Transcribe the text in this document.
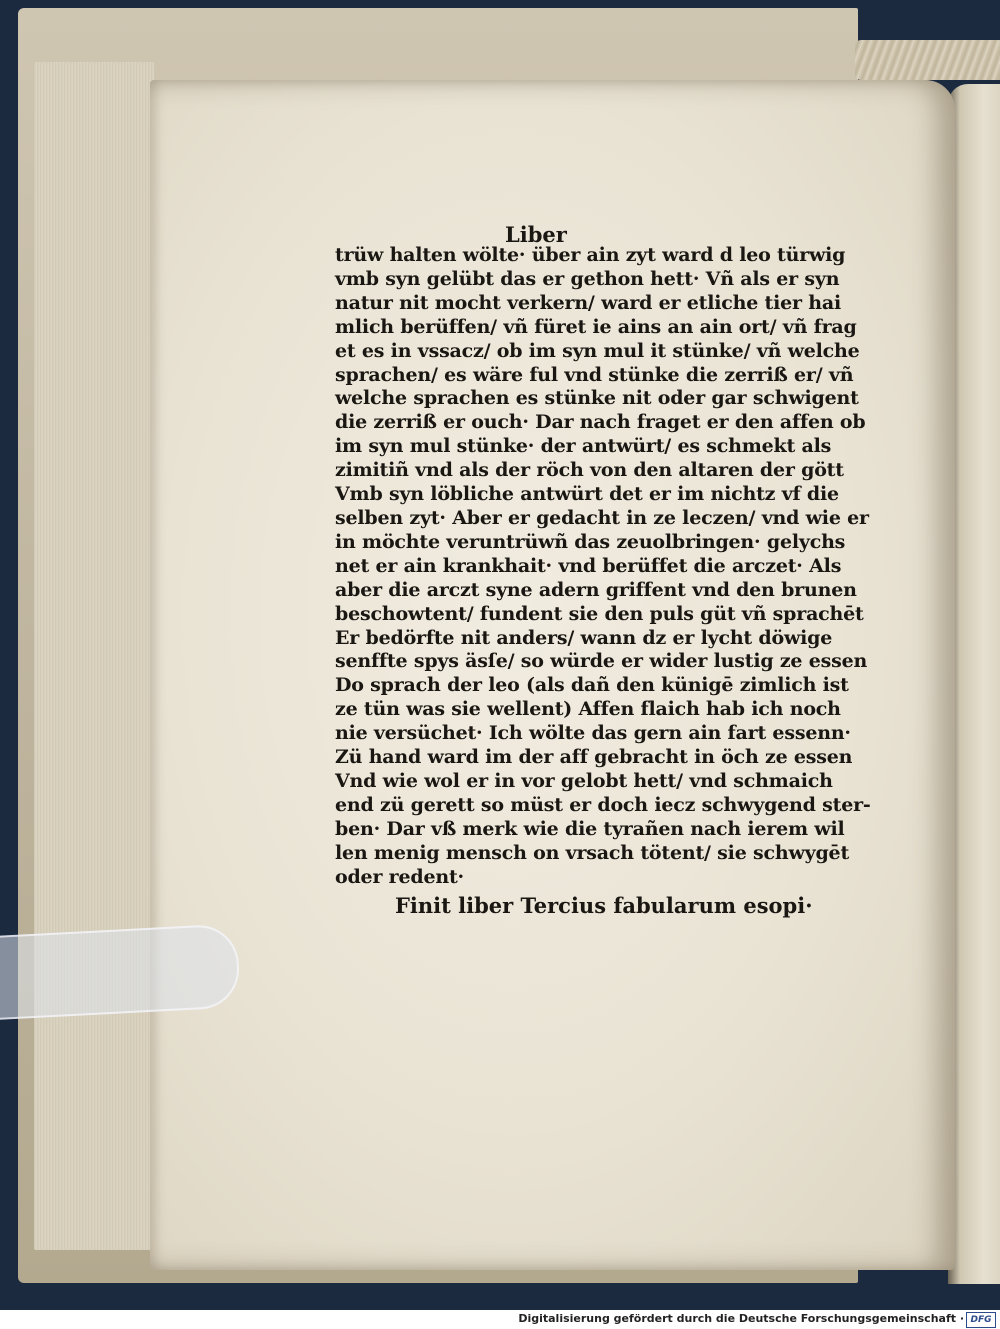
Liber
trüw halten wölte· über ain zyt ward d leo türwig
vmb syn gelübt das er gethon hett· Vñ als er syn
natur nit mocht verkern/ ward er etliche tier hai
mlich berüffen/ vñ füret ie ains an ain ort/ vñ frag
et es in vssacz/ ob im syn mul it stünke/ vñ welche
sprachen/ es wäre ful vnd stünke die zerriß er/ vñ
welche sprachen es stünke nit oder gar schwigent
die zerriß er ouch· Dar nach fraget er den affen ob
im syn mul stünke· der antwürt/ es schmekt als
zimitiñ vnd als der röch von den altaren der gött
Vmb syn löbliche antwürt det er im nichtz vf die
selben zyt· Aber er gedacht in ze leczen/ vnd wie er
in möchte veruntrüwñ das zeuolbringen· gelychs
net er ain krankhait· vnd berüffet die arczet· Als
aber die arczt syne adern griffent vnd den brunen
beschowtent/ fundent sie den puls güt vñ sprachēt
Er bedörfte nit anders/ wann dz er lycht döwige
senffte spys äsſe/ so würde er wider lustig ze essen
Do sprach der leo (als dañ den künigē zimlich ist
ze tün was sie wellent) Affen flaich hab ich noch
nie versüchet· Ich wölte das gern ain fart essenn·
Zü hand ward im der aff gebracht in öch ze essen
Vnd wie wol er in vor gelobt hett/ vnd schmaich
end zü gerett so müst er doch iecz schwygend ster-
ben· Dar vß merk wie die tyrañen nach ierem wil
len menig mensch on vrsach tötent/ sie schwygēt
oder redent·
Finit liber Tercius fabularum esopi·
Digitalisierung gefördert durch die Deutsche Forschungsgemeinschaft · DFG
